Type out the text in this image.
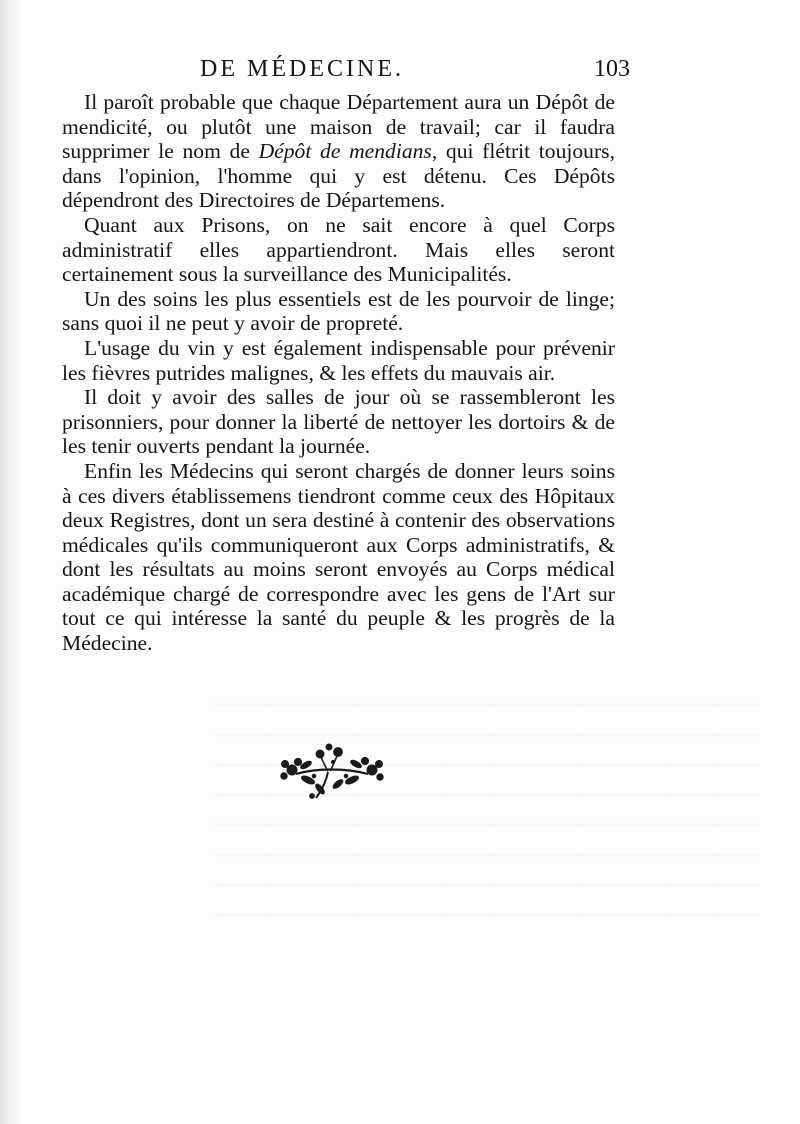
~~~~~~~~~~~~~~~~~~~~~~~~~~~~~~~~~~~~~~~~~~~~~~~~~~~~~~~~
~~~~~~~~~~~~~~~~~~~~~~~~~~~~~~~~~~~~~~~~~~~~~~~~~~~~~~~~
~~~~~~~~~~~~~~~~~~~~~~~~~~~~~~~~~~~~~~~~~~~~~~~~~~~~~~~~
~~~~~~~~~~~~~~~~~~~~~~~~~~~~~~~~~~~~~~~~~~~~~~~~~~~~~~~~
~~~~~~~~~~~~~~~~~~~~~~~~~~~~~~~~~~~~~~~~~~~~~~~~~~~~~~~~
~~~~~~~~~~~~~~~~~~~~~~~~~~~~~~~~~~~~~~~~~~~~~~~~~~~~~~~~
~~~~~~~~~~~~~~~~~~~~~~~~~~~~~~~~~~~~~~~~~~~~~~~~~~~~~~~~
~~~~~~~~~~~~~~~~~~~~~~~~~~~~~~~~~~~~~~~~~~~~~~~~~~~~~~~~
DE MÉDECINE.	103

Il paroît probable que chaque Département aura un Dépôt de mendicité, ou plutôt une maison de travail; car il faudra supprimer le nom de Dépôt de mendians, qui flétrit toujours, dans l'opinion, l'homme qui y est détenu. Ces Dépôts dépendront des Directoires de Départemens.

Quant aux Prisons, on ne sait encore à quel Corps administratif elles appartiendront. Mais elles seront certainement sous la surveillance des Municipalités.

Un des soins les plus essentiels est de les pourvoir de linge; sans quoi il ne peut y avoir de propreté.

L'usage du vin y est également indispensable pour prévenir les fièvres putrides malignes, & les effets du mauvais air.

Il doit y avoir des salles de jour où se rassembleront les prisonniers, pour donner la liberté de nettoyer les dortoirs & de les tenir ouverts pendant la journée.

Enfin les Médecins qui seront chargés de donner leurs soins à ces divers établissemens tiendront comme ceux des Hôpitaux deux Registres, dont un sera destiné à contenir des observations médicales qu'ils communiqueront aux Corps administratifs, & dont les résultats au moins seront envoyés au Corps médical académique chargé de correspondre avec les gens de l'Art sur tout ce qui intéresse la santé du peuple & les progrès de la Médecine.
